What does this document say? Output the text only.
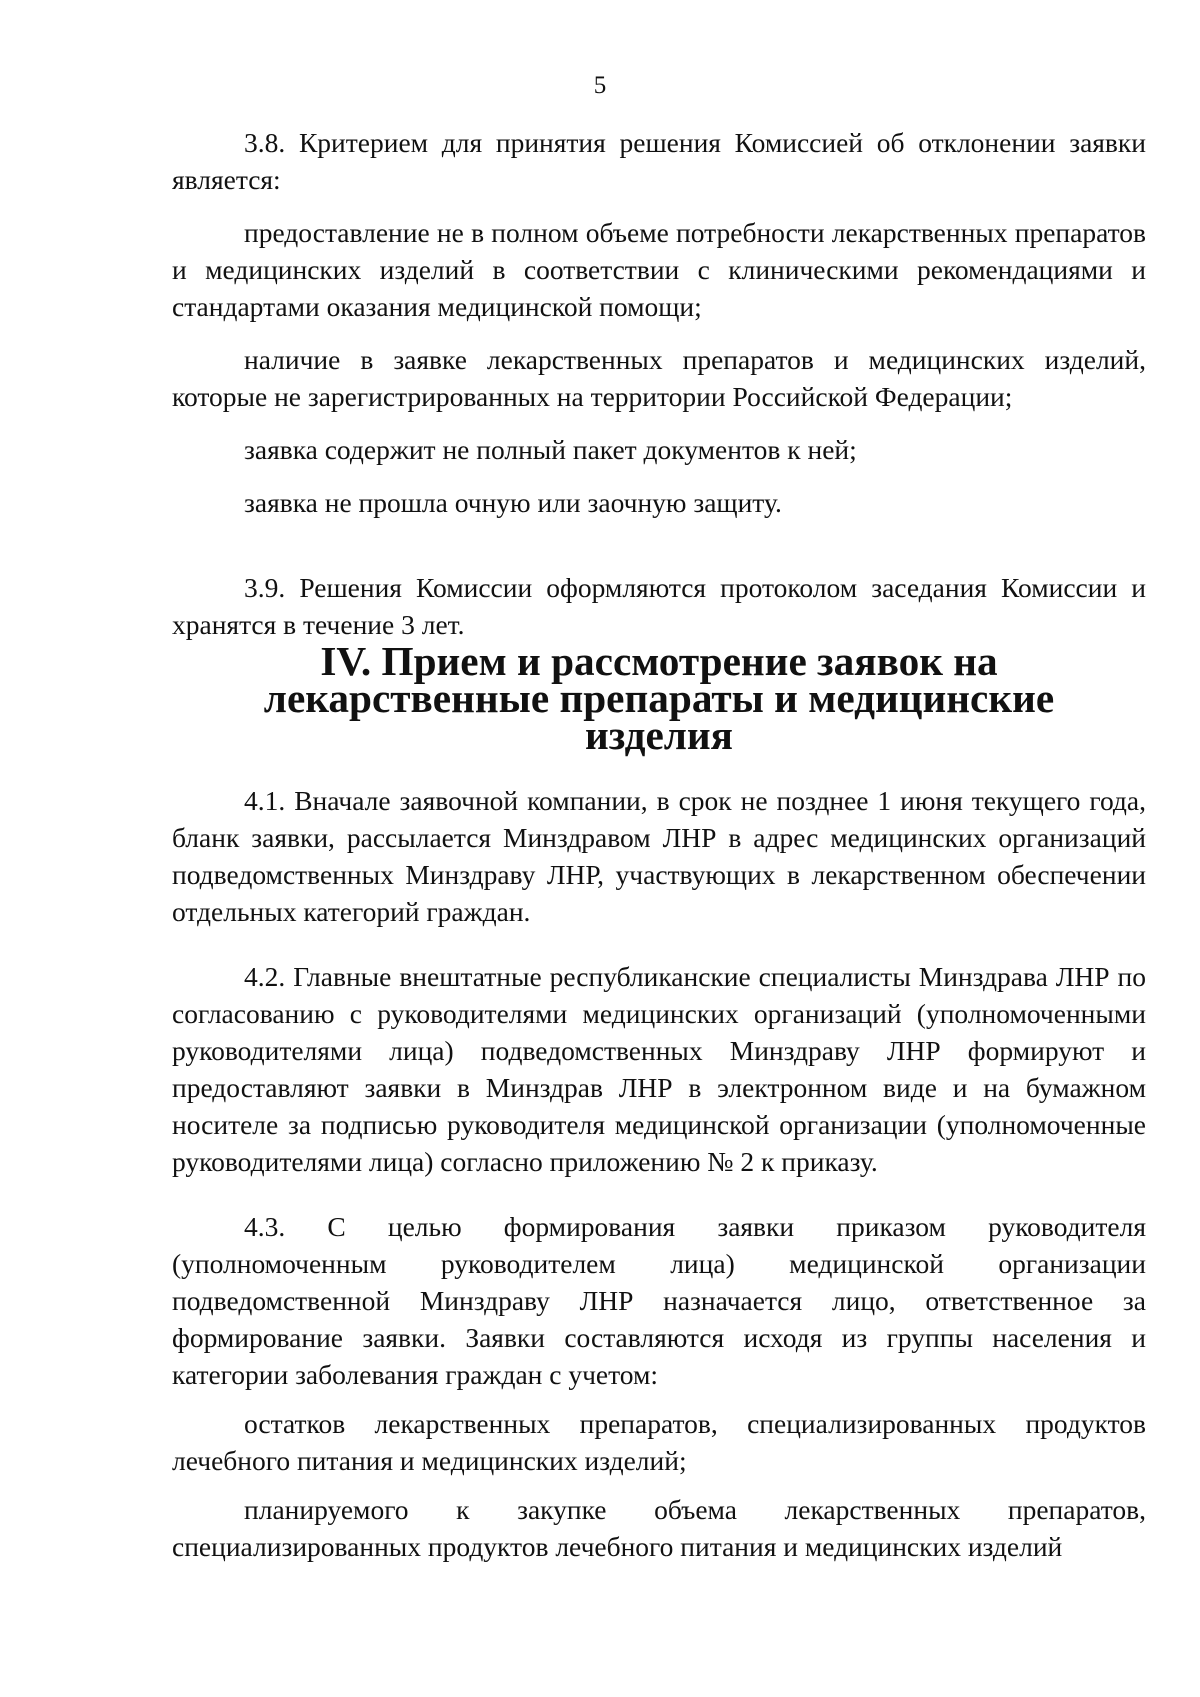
5

3.8. Критерием для принятия решения Комиссией об отклонении заявки является:

предоставление не в полном объеме потребности лекарственных препаратов и медицинских изделий в соответствии с клиническими рекомендациями и стандартами оказания медицинской помощи;

наличие в заявке лекарственных препаратов и медицинских изделий, которые не зарегистрированных на территории Российской Федерации;

заявка содержит не полный пакет документов к ней;

заявка не прошла очную или заочную защиту.

3.9. Решения Комиссии оформляются протоколом заседания Комиссии и хранятся в течение 3 лет.

IV. Прием и рассмотрение заявок на лекарственные препараты и медицинские изделия

4.1. Вначале заявочной компании, в срок не позднее 1 июня текущего года, бланк заявки, рассылается Минздравом ЛНР в адрес медицинских организаций подведомственных Минздраву ЛНР, участвующих в лекарственном обеспечении отдельных категорий граждан.

4.2. Главные внештатные республиканские специалисты Минздрава ЛНР по согласованию с руководителями медицинских организаций (уполномоченными руководителями лица) подведомственных Минздраву ЛНР формируют и предоставляют заявки в Минздрав ЛНР в электронном виде и на бумажном носителе за подписью руководителя медицинской организации (уполномоченные руководителями лица) согласно приложению № 2 к приказу.

4.3. С целью формирования заявки приказом руководителя (уполномоченным руководителем лица) медицинской организации подведомственной Минздраву ЛНР назначается лицо, ответственное за формирование заявки. Заявки составляются исходя из группы населения и категории заболевания граждан с учетом:

остатков лекарственных препаратов, специализированных продуктов лечебного питания и медицинских изделий;

планируемого к закупке объема лекарственных препаратов, специализированных продуктов лечебного питания и медицинских изделий
